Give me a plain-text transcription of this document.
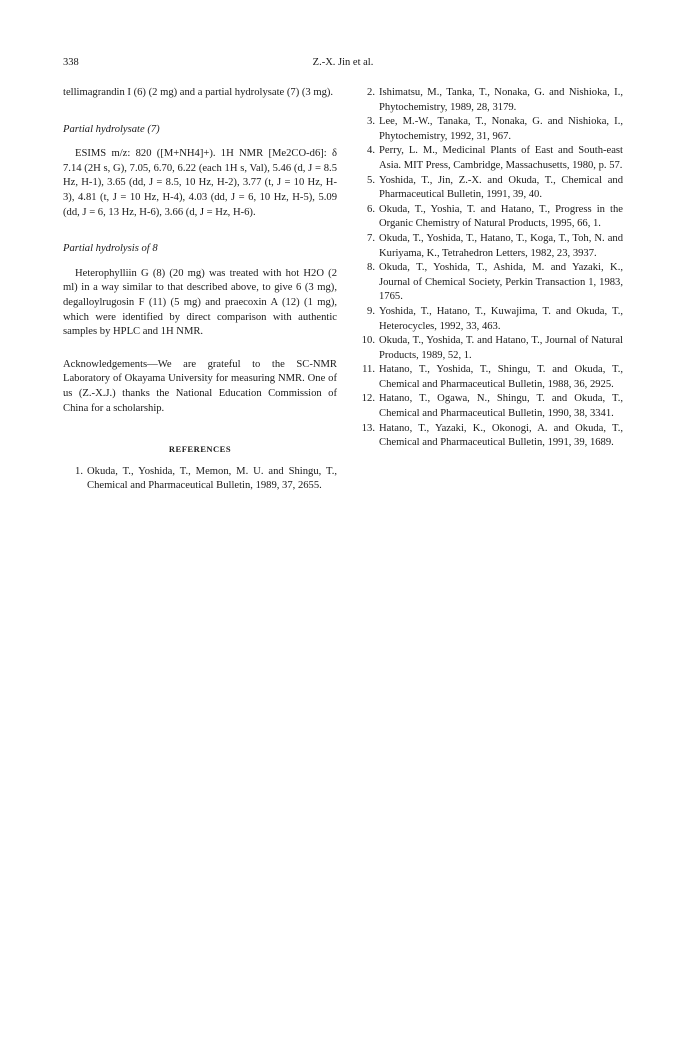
338	Z.-X. Jin et al.

tellimagrandin I (6) (2 mg) and a partial hydrolysate (7) (3 mg).

Partial hydrolysate (7)

ESIMS m/z: 820 ([M+NH4]+). 1H NMR [Me2CO-d6]: δ 7.14 (2H s, G), 7.05, 6.70, 6.22 (each 1H s, Val), 5.46 (d, J = 8.5 Hz, H-1), 3.65 (dd, J = 8.5, 10 Hz, H-2), 3.77 (t, J = 10 Hz, H-3), 4.81 (t, J = 10 Hz, H-4), 4.03 (dd, J = 6, 10 Hz, H-5), 5.09 (dd, J = 6, 13 Hz, H-6), 3.66 (d, J = Hz, H-6).

Partial hydrolysis of 8

Heterophylliin G (8) (20 mg) was treated with hot H2O (2 ml) in a way similar to that described above, to give 6 (3 mg), degalloylrugosin F (11) (5 mg) and praecoxin A (12) (1 mg), which were identified by direct comparison with authentic samples by HPLC and 1H NMR.

Acknowledgements—We are grateful to the SC-NMR Laboratory of Okayama University for measuring NMR. One of us (Z.-X.J.) thanks the National Education Commission of China for a scholarship.

REFERENCES
1. Okuda, T., Yoshida, T., Memon, M. U. and Shingu, T., Chemical and Pharmaceutical Bulletin, 1989, 37, 2655.
2. Ishimatsu, M., Tanka, T., Nonaka, G. and Nishioka, I., Phytochemistry, 1989, 28, 3179.
3. Lee, M.-W., Tanaka, T., Nonaka, G. and Nishioka, I., Phytochemistry, 1992, 31, 967.
4. Perry, L. M., Medicinal Plants of East and South-east Asia. MIT Press, Cambridge, Massachusetts, 1980, p. 57.
5. Yoshida, T., Jin, Z.-X. and Okuda, T., Chemical and Pharmaceutical Bulletin, 1991, 39, 40.
6. Okuda, T., Yoshia, T. and Hatano, T., Progress in the Organic Chemistry of Natural Products, 1995, 66, 1.
7. Okuda, T., Yoshida, T., Hatano, T., Koga, T., Toh, N. and Kuriyama, K., Tetrahedron Letters, 1982, 23, 3937.
8. Okuda, T., Yoshida, T., Ashida, M. and Yazaki, K., Journal of Chemical Society, Perkin Transaction 1, 1983, 1765.
9. Yoshida, T., Hatano, T., Kuwajima, T. and Okuda, T., Heterocycles, 1992, 33, 463.
10. Okuda, T., Yoshida, T. and Hatano, T., Journal of Natural Products, 1989, 52, 1.
11. Hatano, T., Yoshida, T., Shingu, T. and Okuda, T., Chemical and Pharmaceutical Bulletin, 1988, 36, 2925.
12. Hatano, T., Ogawa, N., Shingu, T. and Okuda, T., Chemical and Pharmaceutical Bulletin, 1990, 38, 3341.
13. Hatano, T., Yazaki, K., Okonogi, A. and Okuda, T., Chemical and Pharmaceutical Bulletin, 1991, 39, 1689.
